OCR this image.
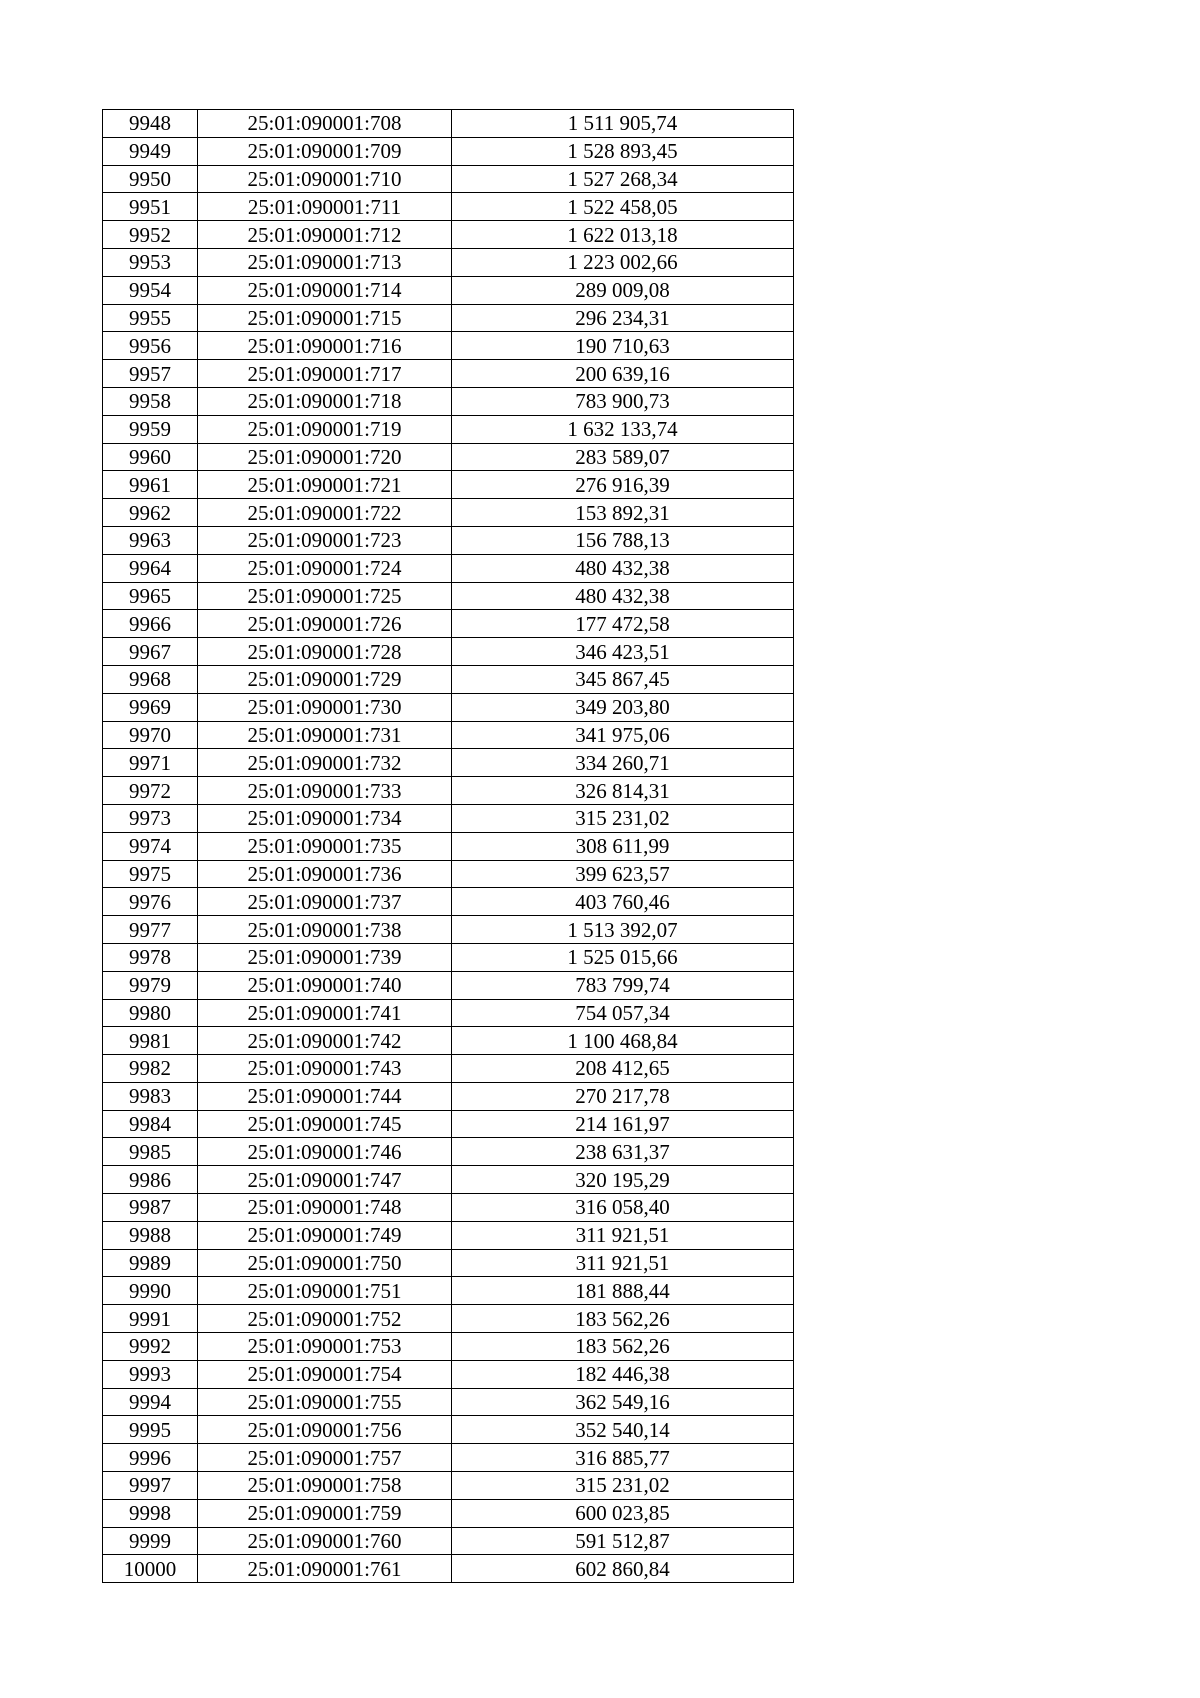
9948	25:01:090001:708	1 511 905,74
9949	25:01:090001:709	1 528 893,45
9950	25:01:090001:710	1 527 268,34
9951	25:01:090001:711	1 522 458,05
9952	25:01:090001:712	1 622 013,18
9953	25:01:090001:713	1 223 002,66
9954	25:01:090001:714	289 009,08
9955	25:01:090001:715	296 234,31
9956	25:01:090001:716	190 710,63
9957	25:01:090001:717	200 639,16
9958	25:01:090001:718	783 900,73
9959	25:01:090001:719	1 632 133,74
9960	25:01:090001:720	283 589,07
9961	25:01:090001:721	276 916,39
9962	25:01:090001:722	153 892,31
9963	25:01:090001:723	156 788,13
9964	25:01:090001:724	480 432,38
9965	25:01:090001:725	480 432,38
9966	25:01:090001:726	177 472,58
9967	25:01:090001:728	346 423,51
9968	25:01:090001:729	345 867,45
9969	25:01:090001:730	349 203,80
9970	25:01:090001:731	341 975,06
9971	25:01:090001:732	334 260,71
9972	25:01:090001:733	326 814,31
9973	25:01:090001:734	315 231,02
9974	25:01:090001:735	308 611,99
9975	25:01:090001:736	399 623,57
9976	25:01:090001:737	403 760,46
9977	25:01:090001:738	1 513 392,07
9978	25:01:090001:739	1 525 015,66
9979	25:01:090001:740	783 799,74
9980	25:01:090001:741	754 057,34
9981	25:01:090001:742	1 100 468,84
9982	25:01:090001:743	208 412,65
9983	25:01:090001:744	270 217,78
9984	25:01:090001:745	214 161,97
9985	25:01:090001:746	238 631,37
9986	25:01:090001:747	320 195,29
9987	25:01:090001:748	316 058,40
9988	25:01:090001:749	311 921,51
9989	25:01:090001:750	311 921,51
9990	25:01:090001:751	181 888,44
9991	25:01:090001:752	183 562,26
9992	25:01:090001:753	183 562,26
9993	25:01:090001:754	182 446,38
9994	25:01:090001:755	362 549,16
9995	25:01:090001:756	352 540,14
9996	25:01:090001:757	316 885,77
9997	25:01:090001:758	315 231,02
9998	25:01:090001:759	600 023,85
9999	25:01:090001:760	591 512,87
10000	25:01:090001:761	602 860,84
